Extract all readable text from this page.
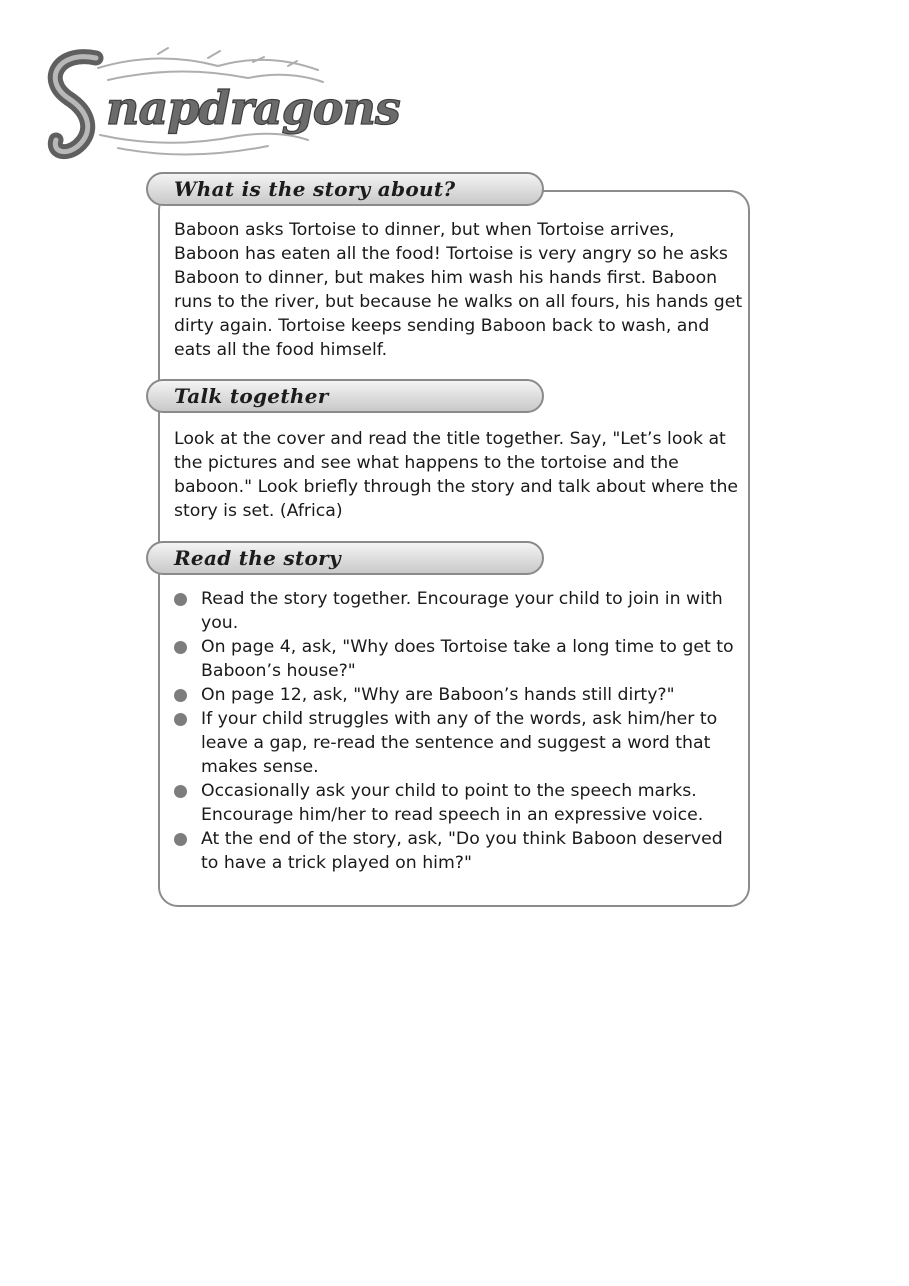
napdragons
What is the story about?

Baboon asks Tortoise to dinner, but when Tortoise arrives, Baboon has eaten all the food! Tortoise is very angry so he asks Baboon to dinner, but makes him wash his hands first. Baboon runs to the river, but because he walks on all fours, his hands get dirty again. Tortoise keeps sending Baboon back to wash, and eats all the food himself.

Talk together

Look at the cover and read the title together. Say, "Let’s look at the pictures and see what happens to the tortoise and the baboon." Look briefly through the story and talk about where the story is set. (Africa)

Read the story
Read the story together. Encourage your child to join in with you.
On page 4, ask, "Why does Tortoise take a long time to get to Baboon’s house?"
On page 12, ask, "Why are Baboon’s hands still dirty?"
If your child struggles with any of the words, ask him/her to leave a gap, re-read the sentence and suggest a word that makes sense.
Occasionally ask your child to point to the speech marks. Encourage him/her to read speech in an expressive voice.
At the end of the story, ask, "Do you think Baboon deserved to have a trick played on him?"
